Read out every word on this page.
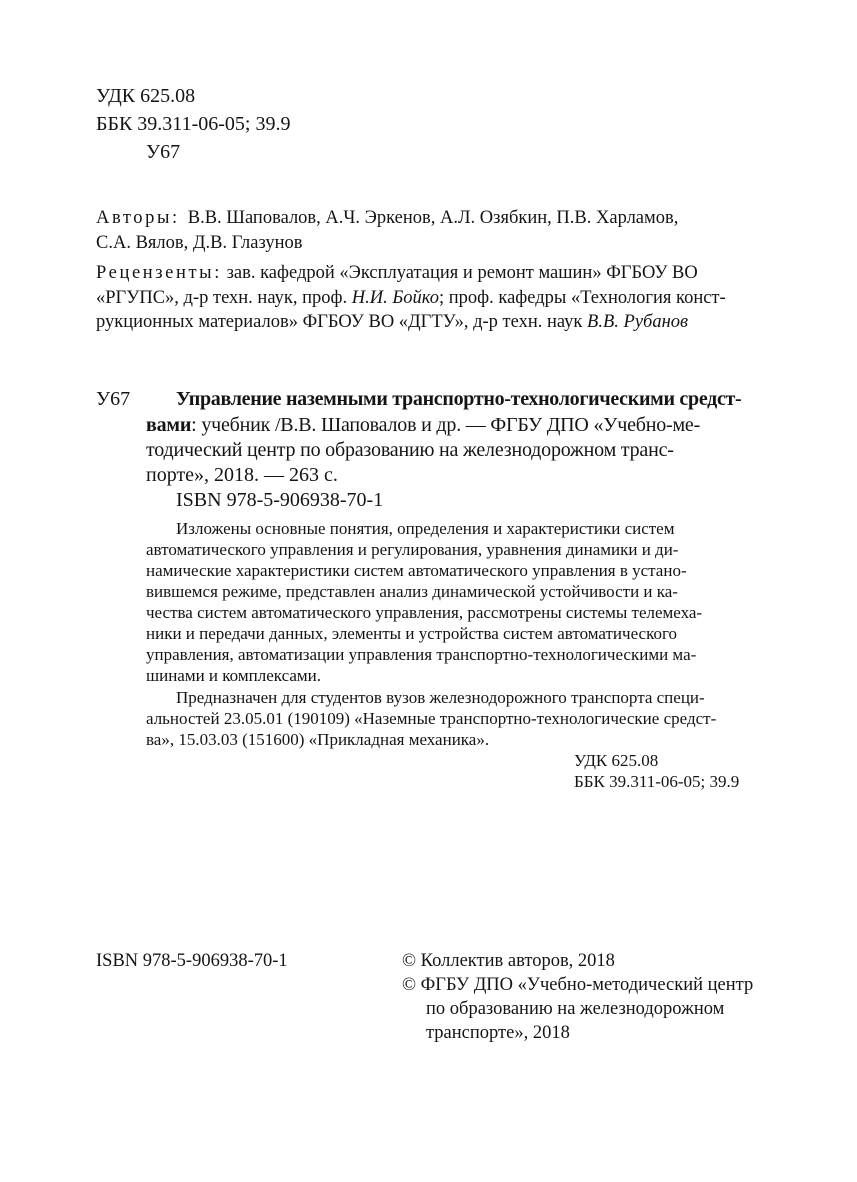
УДК 625.08
ББК 39.311-06-05; 39.9
У67
Авторы: В.В. Шаповалов, А.Ч. Эркенов, А.Л. Озябкин, П.В. Харламов,
С.А. Вялов, Д.В. Глазунов
Рецензенты: зав. кафедрой «Эксплуатация и ремонт машин» ФГБОУ ВО
«РГУПС», д-р техн. наук, проф. Н.И. Бойко; проф. кафедры «Технология конст-
рукционных материалов» ФГБОУ ВО «ДГТУ», д-р техн. наук В.В. Рубанов
У67 Управление наземными транспортно-технологическими средст-
вами: учебник /В.В. Шаповалов и др. — ФГБУ ДПО «Учебно-ме-
тодический центр по образованию на железнодорожном транс-
порте», 2018. — 263 с.
ISBN 978-5-906938-70-1
Изложены основные понятия, определения и характеристики систем
автоматического управления и регулирования, уравнения динамики и ди-
намические характеристики систем автоматического управления в устано-
вившемся режиме, представлен анализ динамической устойчивости и ка-
чества систем автоматического управления, рассмотрены системы телемеха-
ники и передачи данных, элементы и устройства систем автоматического
управления, автоматизации управления транспортно-технологическими ма-
шинами и комплексами.
Предназначен для студентов вузов железнодорожного транспорта специ-
альностей 23.05.01 (190109) «Наземные транспортно-технологические средст-
ва», 15.03.03 (151600) «Прикладная механика».
УДК 625.08
ББК 39.311-06-05; 39.9
ISBN 978-5-906938-70-1	© Коллектив авторов, 2018
© ФГБУ ДПО «Учебно-методический центр
по образованию на железнодорожном
транспорте», 2018
